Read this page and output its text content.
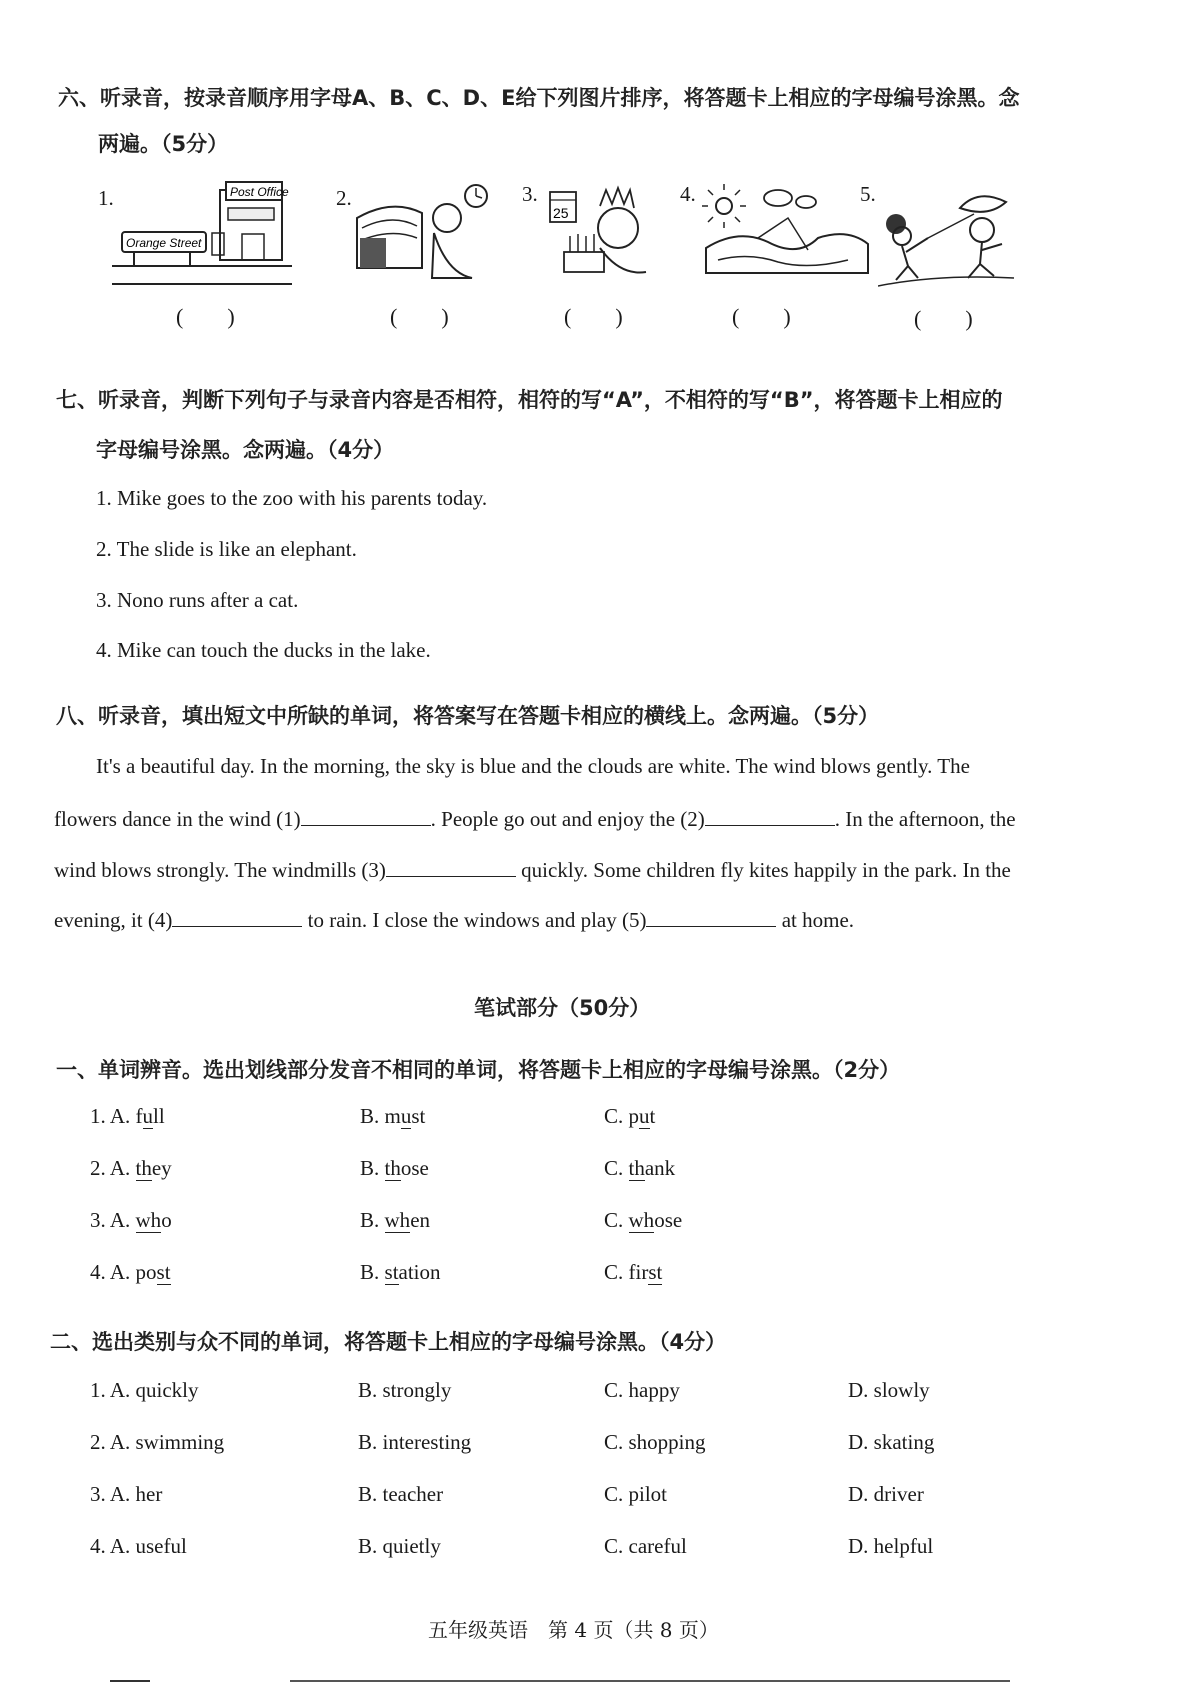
六、听录音，按录音顺序用字母A、B、C、D、E给下列图片排序，将答题卡上相应的字母编号涂黑。念
两遍。（5分）
1.	Post Office
Orange Street
2.	3.
25
4.	5.
(　　)	(　　)	(　　)	(　　)	(　　)
七、听录音，判断下列句子与录音内容是否相符，相符的写“A”，不相符的写“B”，将答题卡上相应的
字母编号涂黑。念两遍。（4分）
1. Mike goes to the zoo with his parents today.
2. The slide is like an elephant.
3. Nono runs after a cat.
4. Mike can touch the ducks in the lake.
八、听录音，填出短文中所缺的单词，将答案写在答题卡相应的横线上。念两遍。（5分）
It's a beautiful day. In the morning, the sky is blue and the clouds are white. The wind blows gently. The
flowers dance in the wind (1)	. People go out and enjoy the (2)	. In the afternoon, the
wind blows strongly. The windmills (3)	quickly. Some children fly kites happily in the park. In the
evening, it (4)	to rain. I close the windows and play (5)	at home.
笔试部分（50分）
一、单词辨音。选出划线部分发音不相同的单词，将答题卡上相应的字母编号涂黑。（2分）
1. A. full	B. must	C. put
2. A. they	B. those	C. thank
3. A. who	B. when	C. whose
4. A. post	B. station	C. first
二、选出类别与众不同的单词，将答题卡上相应的字母编号涂黑。（4分）
1. A. quickly	B. strongly	C. happy	D. slowly
2. A. swimming	B. interesting	C. shopping	D. skating
3. A. her	B. teacher	C. pilot	D. driver
4. A. useful	B. quietly	C. careful	D. helpful
五年级英语　第 4 页（共 8 页）
